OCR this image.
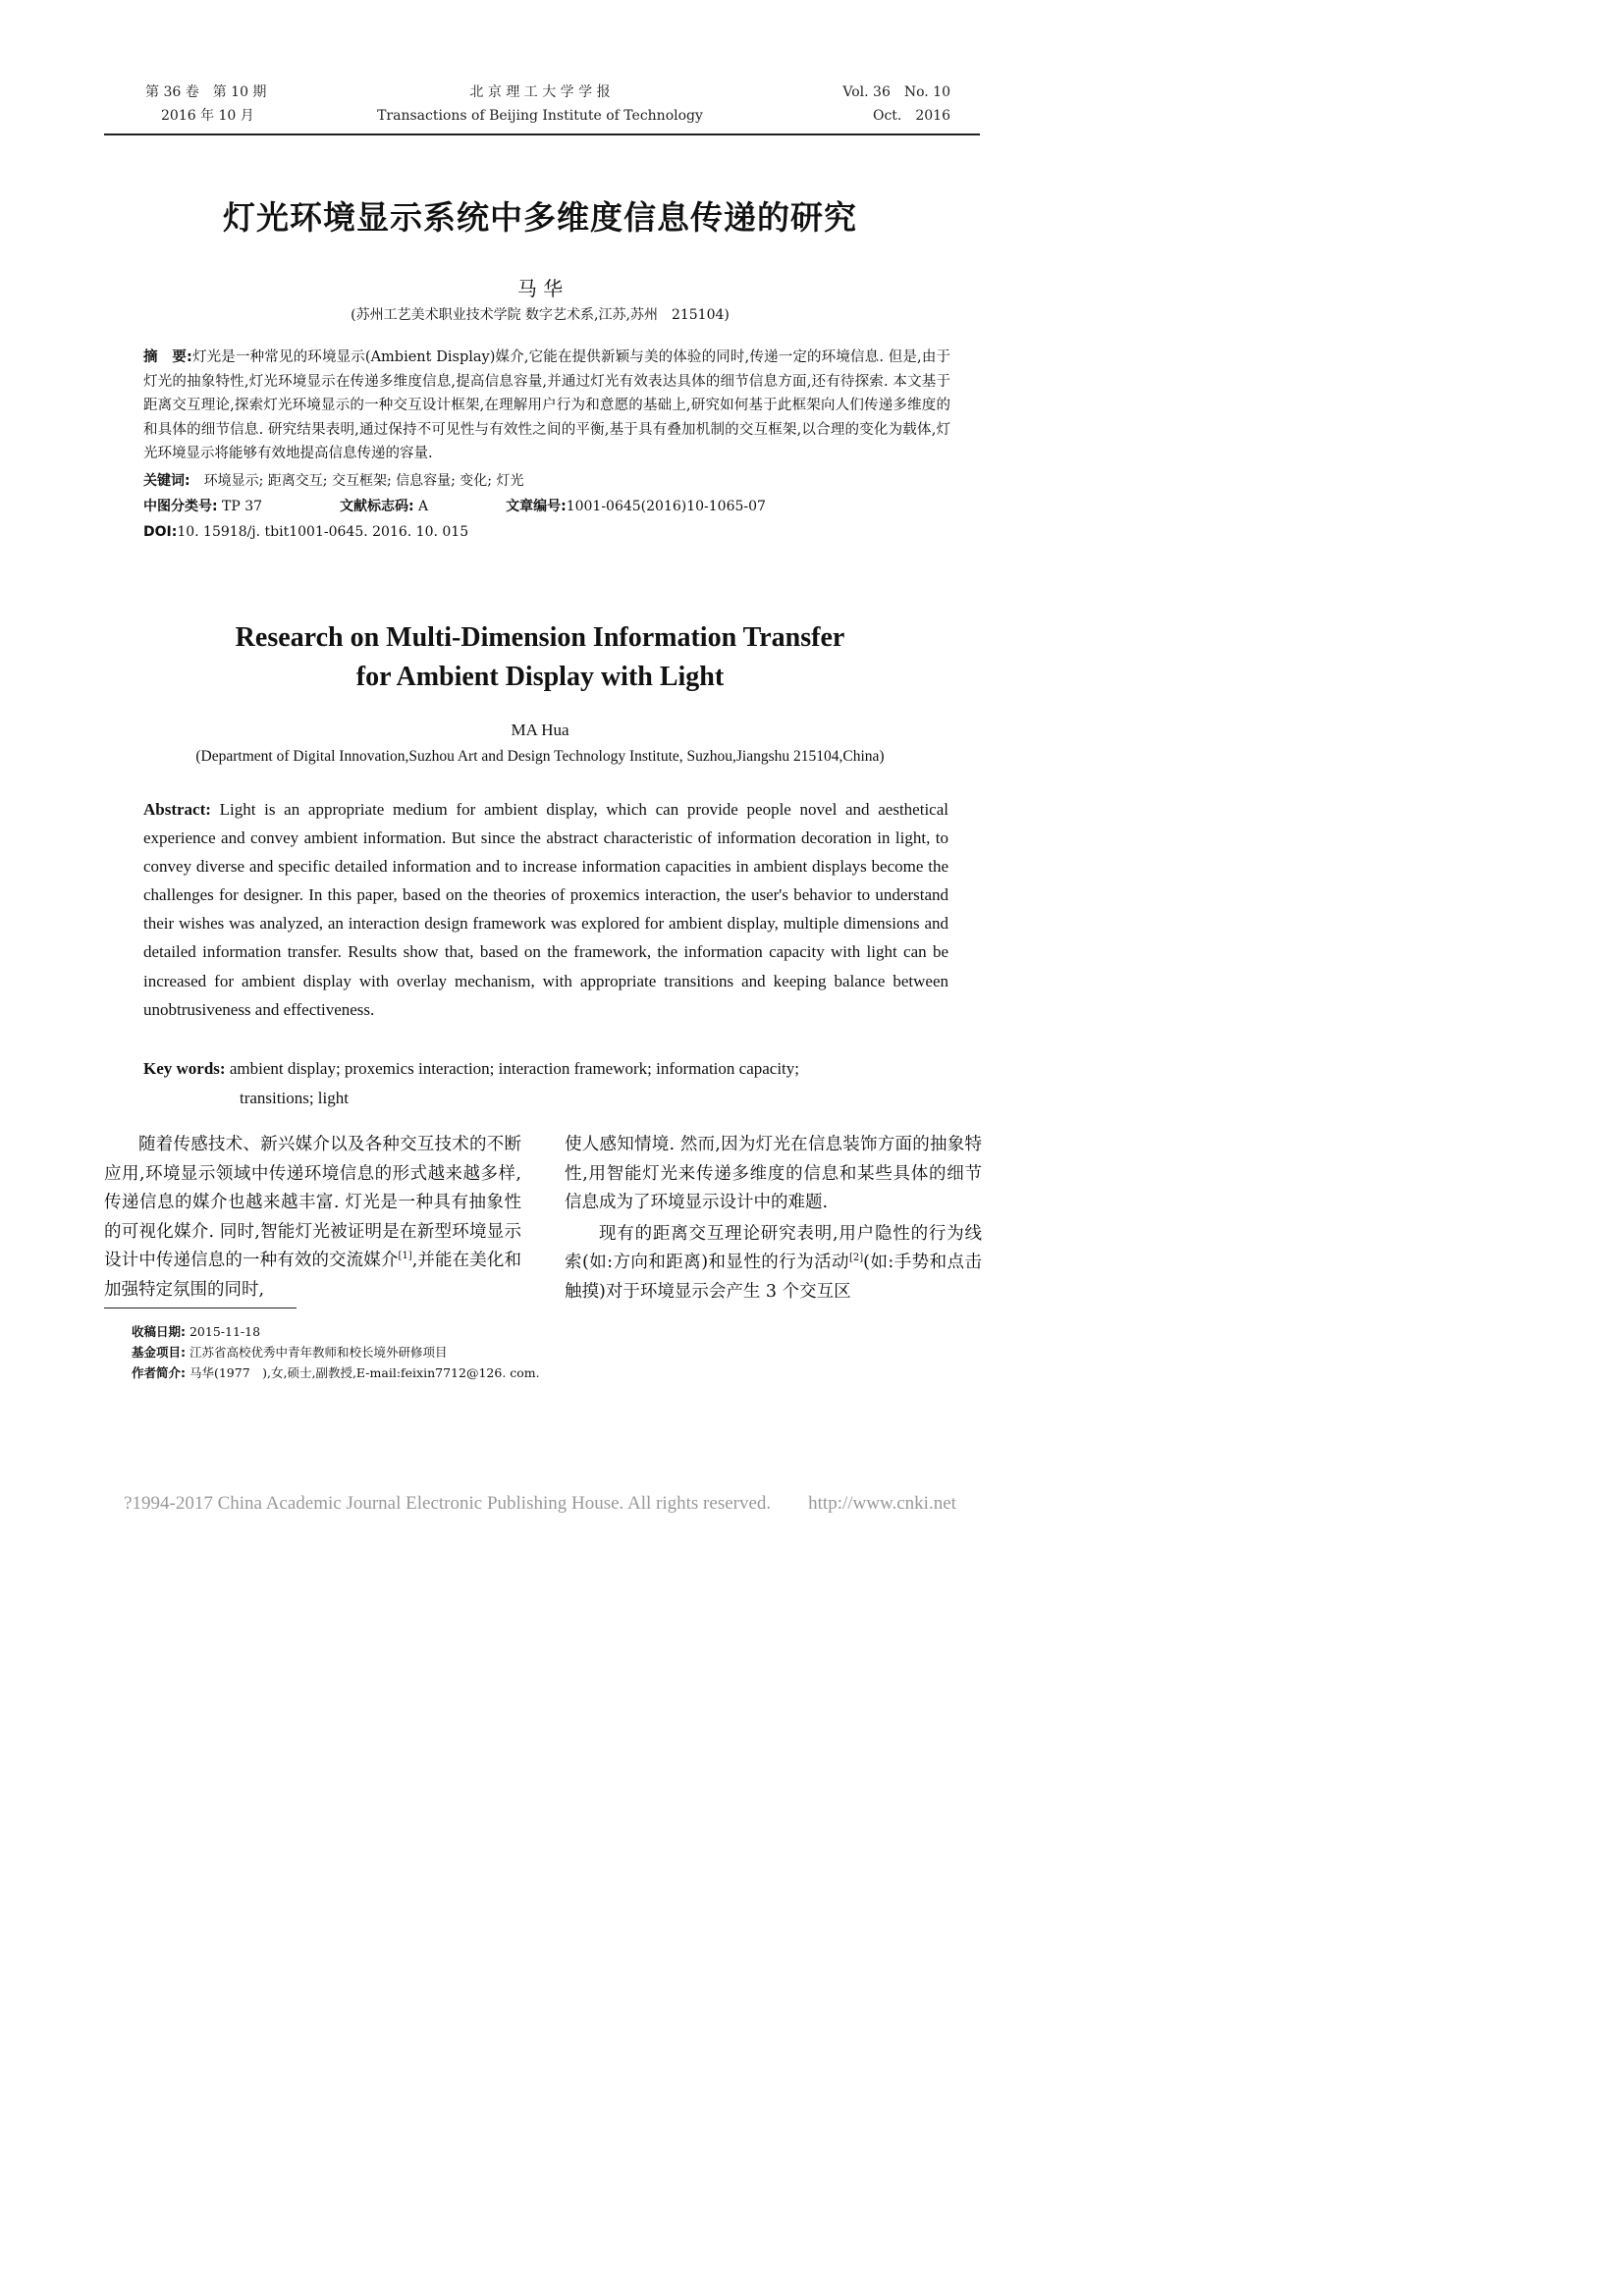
第 36 卷　第 10 期
2016 年 10 月
北 京 理 工 大 学 学 报
Transactions of Beijing Institute of Technology
Vol. 36　No. 10
Oct.　2016
灯光环境显示系统中多维度信息传递的研究
马 华
(苏州工艺美术职业技术学院 数字艺术系,江苏,苏州　215104)
摘　要:灯光是一种常见的环境显示(Ambient Display)媒介,它能在提供新颖与美的体验的同时,传递一定的环境信息. 但是,由于灯光的抽象特性,灯光环境显示在传递多维度信息,提高信息容量,并通过灯光有效表达具体的细节信息方面,还有待探索. 本文基于距离交互理论,探索灯光环境显示的一种交互设计框架,在理解用户行为和意愿的基础上,研究如何基于此框架向人们传递多维度的和具体的细节信息. 研究结果表明,通过保持不可见性与有效性之间的平衡,基于具有叠加机制的交互框架,以合理的变化为载体,灯光环境显示将能够有效地提高信息传递的容量.
关键词:　环境显示; 距离交互; 交互框架; 信息容量; 变化; 灯光
中图分类号: TP 37	文献标志码: A	文章编号:1001-0645(2016)10-1065-07
DOI:10. 15918/j. tbit1001-0645. 2016. 10. 015
Research on Multi-Dimension Information Transfer
for Ambient Display with Light
MA Hua
(Department of Digital Innovation,Suzhou Art and Design Technology Institute, Suzhou,Jiangshu 215104,China)
Abstract: Light is an appropriate medium for ambient display, which can provide people novel and aesthetical experience and convey ambient information. But since the abstract characteristic of information decoration in light, to convey diverse and specific detailed information and to increase information capacities in ambient displays become the challenges for designer. In this paper, based on the theories of proxemics interaction, the user's behavior to understand their wishes was analyzed, an interaction design framework was explored for ambient display, multiple dimensions and detailed information transfer. Results show that, based on the framework, the information capacity with light can be increased for ambient display with overlay mechanism, with appropriate transitions and keeping balance between unobtrusiveness and effectiveness.
Key words: ambient display; proxemics interaction; interaction framework; information capacity;
transitions; light

随着传感技术、新兴媒介以及各种交互技术的不断应用,环境显示领域中传递环境信息的形式越来越多样,传递信息的媒介也越来越丰富. 灯光是一种具有抽象性的可视化媒介. 同时,智能灯光被证明是在新型环境显示设计中传递信息的一种有效的交流媒介[1],并能在美化和加强特定氛围的同时,

使人感知情境. 然而,因为灯光在信息装饰方面的抽象特性,用智能灯光来传递多维度的信息和某些具体的细节信息成为了环境显示设计中的难题.

现有的距离交互理论研究表明,用户隐性的行为线索(如:方向和距离)和显性的行为活动[2](如:手势和点击触摸)对于环境显示会产生 3 个交互区

收稿日期: 2015-11-18
基金项目: 江苏省高校优秀中青年教师和校长境外研修项目
作者简介: 马华(1977　),女,硕士,副教授,E-mail:feixin7712@126. com.
?1994-2017 China Academic Journal Electronic Publishing House. All rights reserved.　　http://www.cnki.net
